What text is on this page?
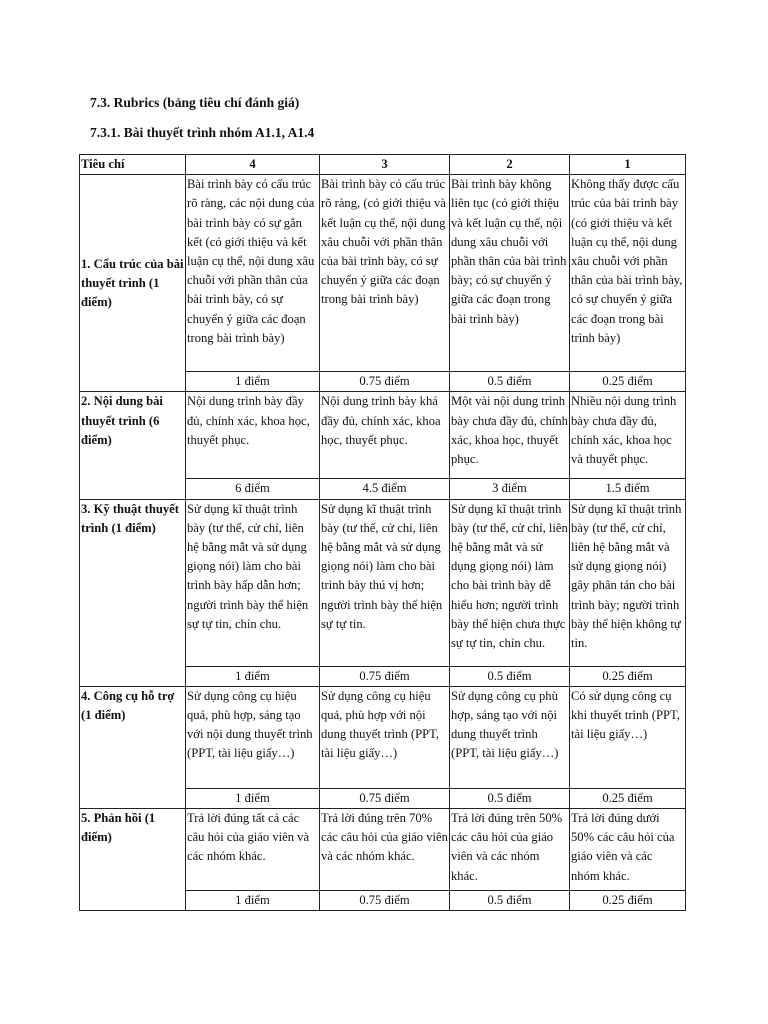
7.3. Rubrics (bảng tiêu chí đánh giá)
7.3.1. Bài thuyết trình nhóm A1.1, A1.4
Tiêu chí	4	3	2	1
1. Cấu trúc của bài thuyết trình (1 điểm)	Bài trình bày có cấu trúc rõ ràng, các nội dung của bài trình bày có sự gắn kết (có giới thiệu và kết luận cụ thể, nội dung xâu chuỗi với phần thân của bài trình bày, có sự chuyển ý giữa các đoạn trong bài trình bày)	Bài trình bày có cấu trúc rõ ràng, (có giới thiệu và kết luận cụ thể, nội dung xâu chuỗi với phần thân của bài trình bày, có sự chuyển ý giữa các đoạn trong bài trình bày)	Bài trình bày không liên tục (có giới thiệu và kết luận cụ thể, nội dung xâu chuỗi với phần thân của bài trình bày; có sự chuyển ý giữa các đoạn trong bài trình bày)	Không thấy được cấu trúc của bài trình bày (có giới thiệu và kết luận cụ thể, nội dung xâu chuỗi với phần thân của bài trình bày, có sự chuyển ý giữa các đoạn trong bài trình bày)
	1 điểm	0.75 điểm	0.5 điểm	0.25 điểm
2. Nội dung bài thuyết trình (6 điểm)	Nội dung trình bày đầy đủ, chính xác, khoa học, thuyết phục.	Nội dung trình bày khá đầy đủ, chính xác, khoa học, thuyết phục.	Một vài nội dung trình bày chưa đầy đủ, chính xác, khoa học, thuyết phục.	Nhiều nội dung trình bày chưa đầy đủ, chính xác, khoa học và thuyết phục.
	6 điểm	4.5 điểm	3 điểm	1.5 điểm
3. Kỹ thuật thuyết trình (1 điểm)	Sử dụng kĩ thuật trình bày (tư thế, cử chỉ, liên hệ bằng mắt và sử dụng giọng nói) làm cho bài trình bày hấp dẫn hơn; người trình bày thể hiện sự tự tin, chỉn chu.	Sử dụng kĩ thuật trình bày (tư thế, cử chỉ, liên hệ bằng mắt và sử dụng giọng nói) làm cho bài trình bày thú vị hơn; người trình bày thể hiện sự tự tin.	Sử dụng kĩ thuật trình bày (tư thế, cử chỉ, liên hệ bằng mắt và sử dụng giọng nói) làm cho bài trình bày dễ hiểu hơn; người trình bày thể hiện chưa thực sự tự tin, chỉn chu.	Sử dụng kĩ thuật trình bày (tư thế, cử chỉ, liên hệ bằng mắt và sử dụng giọng nói) gây phân tán cho bài trình bày; người trình bày thể hiện không tự tin.
	1 điểm	0.75 điểm	0.5 điểm	0.25 điểm
4. Công cụ hỗ trợ (1 điểm)	Sử dụng công cụ hiệu quả, phù hợp, sáng tạo với nội dung thuyết trình (PPT, tài liệu giấy…)	Sử dụng công cụ hiệu quả, phù hợp với nội dung thuyết trình (PPT, tài liệu giấy…)	Sử dụng công cụ phù hợp, sáng tạo với nội dung thuyết trình (PPT, tài liệu giấy…)	Có sử dụng công cụ khi thuyết trình (PPT, tài liệu giấy…)
	1 điểm	0.75 điểm	0.5 điểm	0.25 điểm
5. Phản hồi (1 điểm)	Trả lời đúng tất cả các câu hỏi của giáo viên và các nhóm khác.	Trả lời đúng trên 70% các câu hỏi của giáo viên và các nhóm khác.	Trả lời đúng trên 50% các câu hỏi của giáo viên và các nhóm khác.	Trả lời đúng dưới 50% các câu hỏi của giáo viên và các nhóm khác.
	1 điểm	0.75 điểm	0.5 điểm	0.25 điểm
